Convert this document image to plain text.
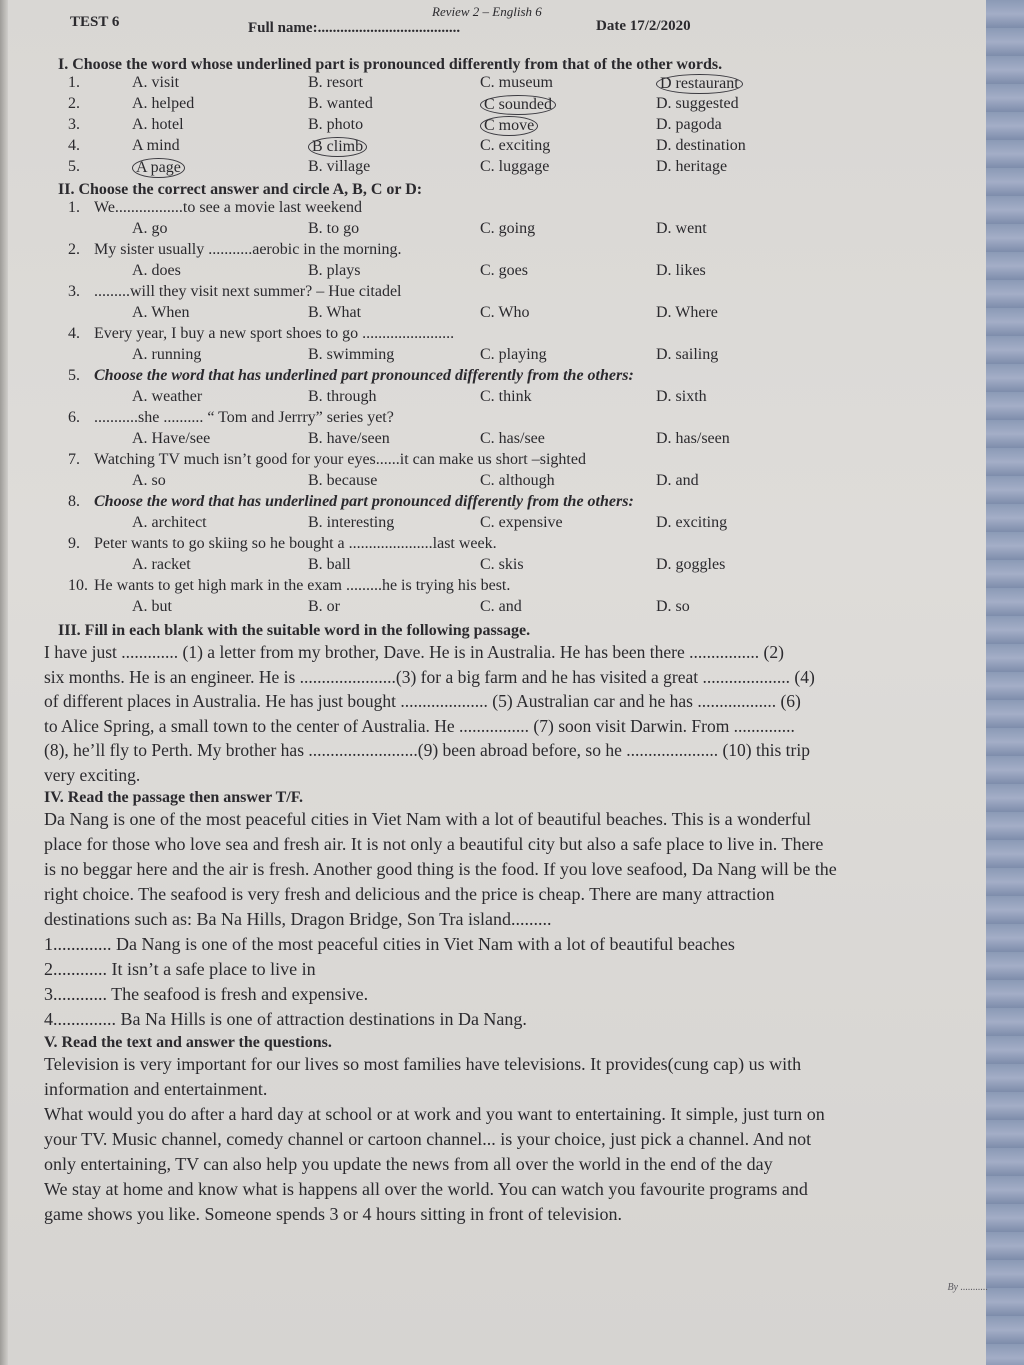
TEST 6
Review 2 – English 6
Full name:......................................	Date 17/2/2020
I. Choose the word whose underlined part is pronounced differently from that of the other words.
1.	A. visit	B. resort	C. museum	D restaurant
2.	A. helped	B. wanted	C sounded	D. suggested
3.	A. hotel	B. photo	C move	D. pagoda
4.	A mind	B climb	C. exciting	D. destination
5.	A page	B. village	C. luggage	D. heritage
II. Choose the correct answer and circle A, B, C or D:
1. We.................to see a movie last weekend
A. go	B. to go	C. going	D. went
2. My sister usually ...........aerobic in the morning.
A. does	B. plays	C. goes	D. likes
3. .........will they visit next summer? – Hue citadel
A. When	B. What	C. Who	D. Where
4. Every year, I buy a new sport shoes to go .......................
A. running	B. swimming	C. playing	D. sailing
5. Choose the word that has underlined part pronounced differently from the others:
A. weather	B. through	C. think	D. sixth
6. ...........she .......... “ Tom and Jerrry” series yet?
A. Have/see	B. have/seen	C. has/see	D. has/seen
7. Watching TV much isn’t good for your eyes......it can make us short –sighted
A. so	B. because	C. although	D. and
8. Choose the word that has underlined part pronounced differently from the others:
A. architect	B. interesting	C. expensive	D. exciting
9. Peter wants to go skiing so he bought a .....................last week.
A. racket	B. ball	C. skis	D. goggles
10. He wants to get high mark in the exam .........he is trying his best.
A. but	B. or	C. and	D. so
III. Fill in each blank with the suitable word in the following passage.

I have just ............. (1) a letter from my brother, Dave. He is in Australia. He has been there ................ (2)

six months. He is an engineer. He is ......................(3) for a big farm and he has visited a great .................... (4)

of different places in Australia. He has just bought .................... (5) Australian car and he has .................. (6)

to Alice Spring, a small town to the center of Australia. He ................ (7) soon visit Darwin. From ..............

(8), he’ll fly to Perth. My brother has .........................(9) been abroad before, so he ..................... (10) this trip

very exciting.

IV. Read the passage then answer T/F.
Da Nang is one of the most peaceful cities in Viet Nam with a lot of beautiful beaches. This is a wonderful
place for those who love sea and fresh air. It is not only a beautiful city but also a safe place to live in. There
is no beggar here and the air is fresh. Another good thing is the food. If you love seafood, Da Nang will be the
right choice. The seafood is very fresh and delicious and the price is cheap. There are many attraction
destinations such as: Ba Na Hills, Dragon Bridge, Son Tra island.........
1............. Da Nang is one of the most peaceful cities in Viet Nam with a lot of beautiful beaches
2............ It isn’t a safe place to live in
3............ The seafood is fresh and expensive.
4.............. Ba Na Hills is one of attraction destinations in Da Nang.
V. Read the text and answer the questions.
Television is very important for our lives so most families have televisions. It provides(cung cap) us with
information and entertainment.
What would you do after a hard day at school or at work and you want to entertaining. It simple, just turn on
your TV. Music channel, comedy channel or cartoon channel... is your choice, just pick a channel. And not
only entertaining, TV can also help you update the news from all over the world in the end of the day
We stay at home and know what is happens all over the world. You can watch you favourite programs and
game shows you like. Someone spends 3 or 4 hours sitting in front of television.
By ...........
